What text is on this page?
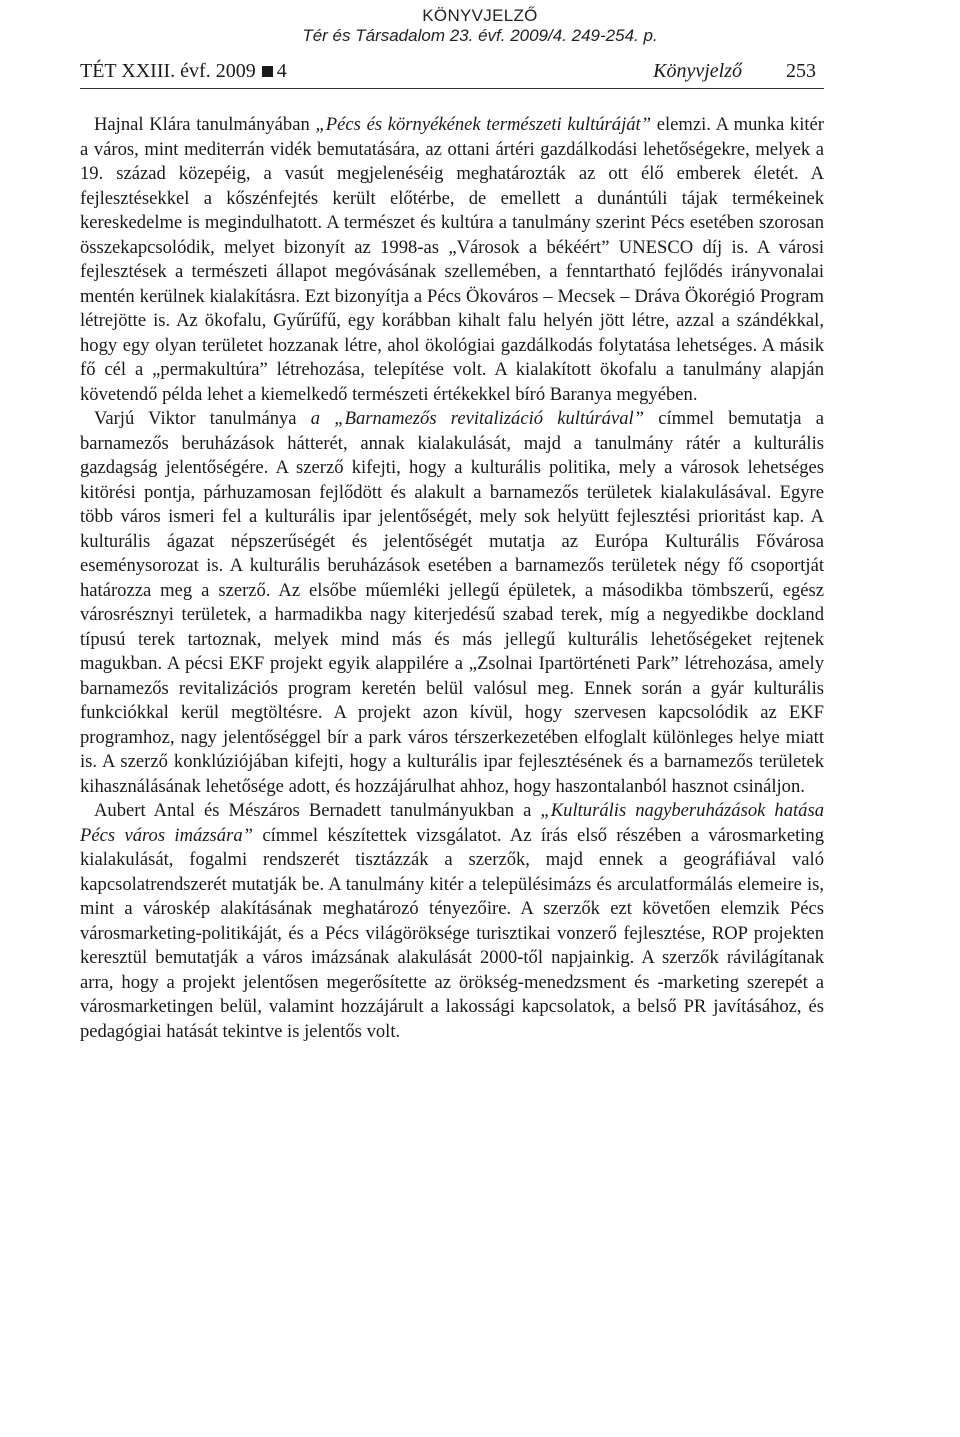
KÖNYVJELZŐ
Tér és Társadalom 23. évf. 2009/4. 249-254. p.
TÉT XXIII. évf. 2009 4	Könyvjelző 253

Hajnal Klára tanulmányában „Pécs és környékének természeti kultúráját” elemzi. A munka kitér a város, mint mediterrán vidék bemutatására, az ottani ártéri gazdálkodási lehetőségekre, melyek a 19. század közepéig, a vasút megjelenéséig meghatározták az ott élő emberek életét. A fejlesztésekkel a kőszénfejtés került előtérbe, de emellett a dunántúli tájak termékeinek kereskedelme is megindulhatott. A természet és kultúra a tanulmány szerint Pécs esetében szorosan összekapcsolódik, melyet bizonyít az 1998-as „Városok a békéért” UNESCO díj is. A városi fejlesztések a természeti állapot megóvásának szellemében, a fenntartható fejlődés irányvonalai mentén kerülnek kialakításra. Ezt bizonyítja a Pécs Ökováros – Mecsek – Dráva Ökorégió Program létrejötte is. Az ökofalu, Gyűrűfű, egy korábban kihalt falu helyén jött létre, azzal a szándékkal, hogy egy olyan területet hozzanak létre, ahol ökológiai gazdálkodás folytatása lehetséges. A másik fő cél a „permakultúra” létrehozása, telepítése volt. A kialakított ökofalu a tanulmány alapján követendő példa lehet a kiemelkedő természeti értékekkel bíró Baranya megyében.

Varjú Viktor tanulmánya a „Barnamezős revitalizáció kultúrával” címmel bemutatja a barnamezős beruházások hátterét, annak kialakulását, majd a tanulmány rátér a kulturális gazdagság jelentőségére. A szerző kifejti, hogy a kulturális politika, mely a városok lehetséges kitörési pontja, párhuzamosan fejlődött és alakult a barnamezős területek kialakulásával. Egyre több város ismeri fel a kulturális ipar jelentőségét, mely sok helyütt fejlesztési prioritást kap. A kulturális ágazat népszerűségét és jelentőségét mutatja az Európa Kulturális Fővárosa eseménysorozat is. A kulturális beruházások esetében a barnamezős területek négy fő csoportját határozza meg a szerző. Az elsőbe műemléki jellegű épületek, a másodikba tömbszerű, egész városrésznyi területek, a harmadikba nagy kiterjedésű szabad terek, míg a negyedikbe dockland típusú terek tartoznak, melyek mind más és más jellegű kulturális lehetőségeket rejtenek magukban. A pécsi EKF projekt egyik alappilére a „Zsolnai Ipartörténeti Park” létrehozása, amely barnamezős revitalizációs program keretén belül valósul meg. Ennek során a gyár kulturális funkciókkal kerül megtöltésre. A projekt azon kívül, hogy szervesen kapcsolódik az EKF programhoz, nagy jelentőséggel bír a park város térszerkezetében elfoglalt különleges helye miatt is. A szerző konklúziójában kifejti, hogy a kulturális ipar fejlesztésének és a barnamezős területek kihasználásának lehetősége adott, és hozzájárulhat ahhoz, hogy haszontalanból hasznot csináljon.

Aubert Antal és Mészáros Bernadett tanulmányukban a „Kulturális nagyberuházások hatása Pécs város imázsára” címmel készítettek vizsgálatot. Az írás első részében a városmarketing kialakulását, fogalmi rendszerét tisztázzák a szerzők, majd ennek a geográfiával való kapcsolatrendszerét mutatják be. A tanulmány kitér a településimázs és arculatformálás elemeire is, mint a városkép alakításának meghatározó tényezőire. A szerzők ezt követően elemzik Pécs városmarketing-politikáját, és a Pécs világöröksége turisztikai vonzerő fejlesztése, ROP projekten keresztül bemutatják a város imázsának alakulását 2000-től napjainkig. A szerzők rávilágítanak arra, hogy a projekt jelentősen megerősítette az örökség-menedzsment és -marketing szerepét a városmarketingen belül, valamint hozzájárult a lakossági kapcsolatok, a belső PR javításához, és pedagógiai hatását tekintve is jelentős volt.
